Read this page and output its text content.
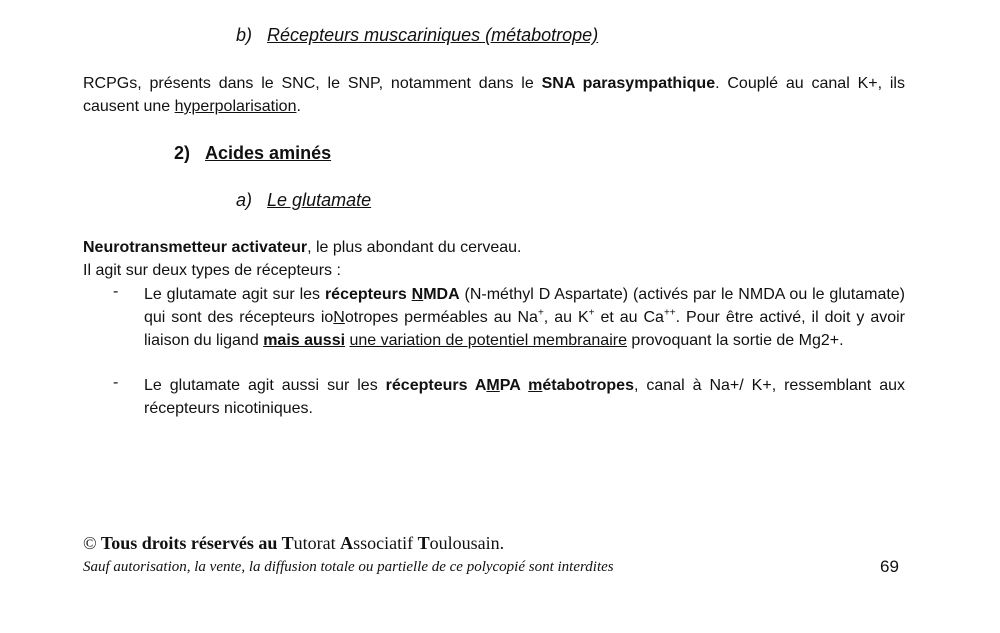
b) Récepteurs muscariniques (métabotrope)
RCPGs, présents dans le SNC, le SNP, notamment dans le SNA parasympathique. Couplé au canal K+, ils
causent une hyperpolarisation.
2) Acides aminés
a) Le glutamate
Neurotransmetteur activateur, le plus abondant du cerveau.
Il agit sur deux types de récepteurs :
- Le glutamate agit sur les récepteurs NMDA (N-méthyl D Aspartate) (activés par le NMDA ou le glutamate) qui sont des récepteurs ioNotropes perméables au Na+, au K+ et au Ca++. Pour être activé, il doit y avoir liaison du ligand mais aussi une variation de potentiel membranaire provoquant la sortie de Mg2+.
- Le glutamate agit aussi sur les récepteurs AMPA métabotropes, canal à Na+/ K+, ressemblant aux récepteurs nicotiniques.
© Tous droits réservés au Tutorat Associatif Toulousain.
Sauf autorisation, la vente, la diffusion totale ou partielle de ce polycopié sont interdites	69
